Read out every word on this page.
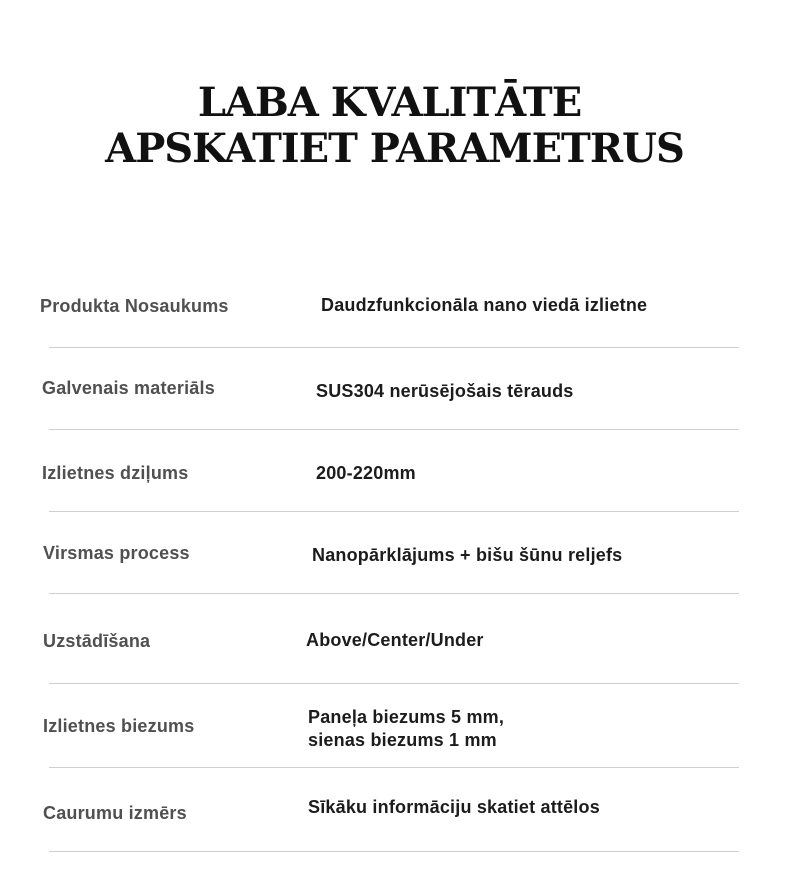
LABA KVALITĀTE
APSKATIET PARAMETRUS
Produkta Nosaukums	Daudzfunkcionāla nano viedā izlietne
Galvenais materiāls	SUS304 nerūsējošais tērauds
Izlietnes dziļums	200-220mm
Virsmas process	Nanopārklājums + bišu šūnu reljefs
Uzstādīšana	Above/Center/Under
Izlietnes biezums	Paneļa biezums 5 mm,
sienas biezums 1 mm
Caurumu izmērs	Sīkāku informāciju skatiet attēlos
